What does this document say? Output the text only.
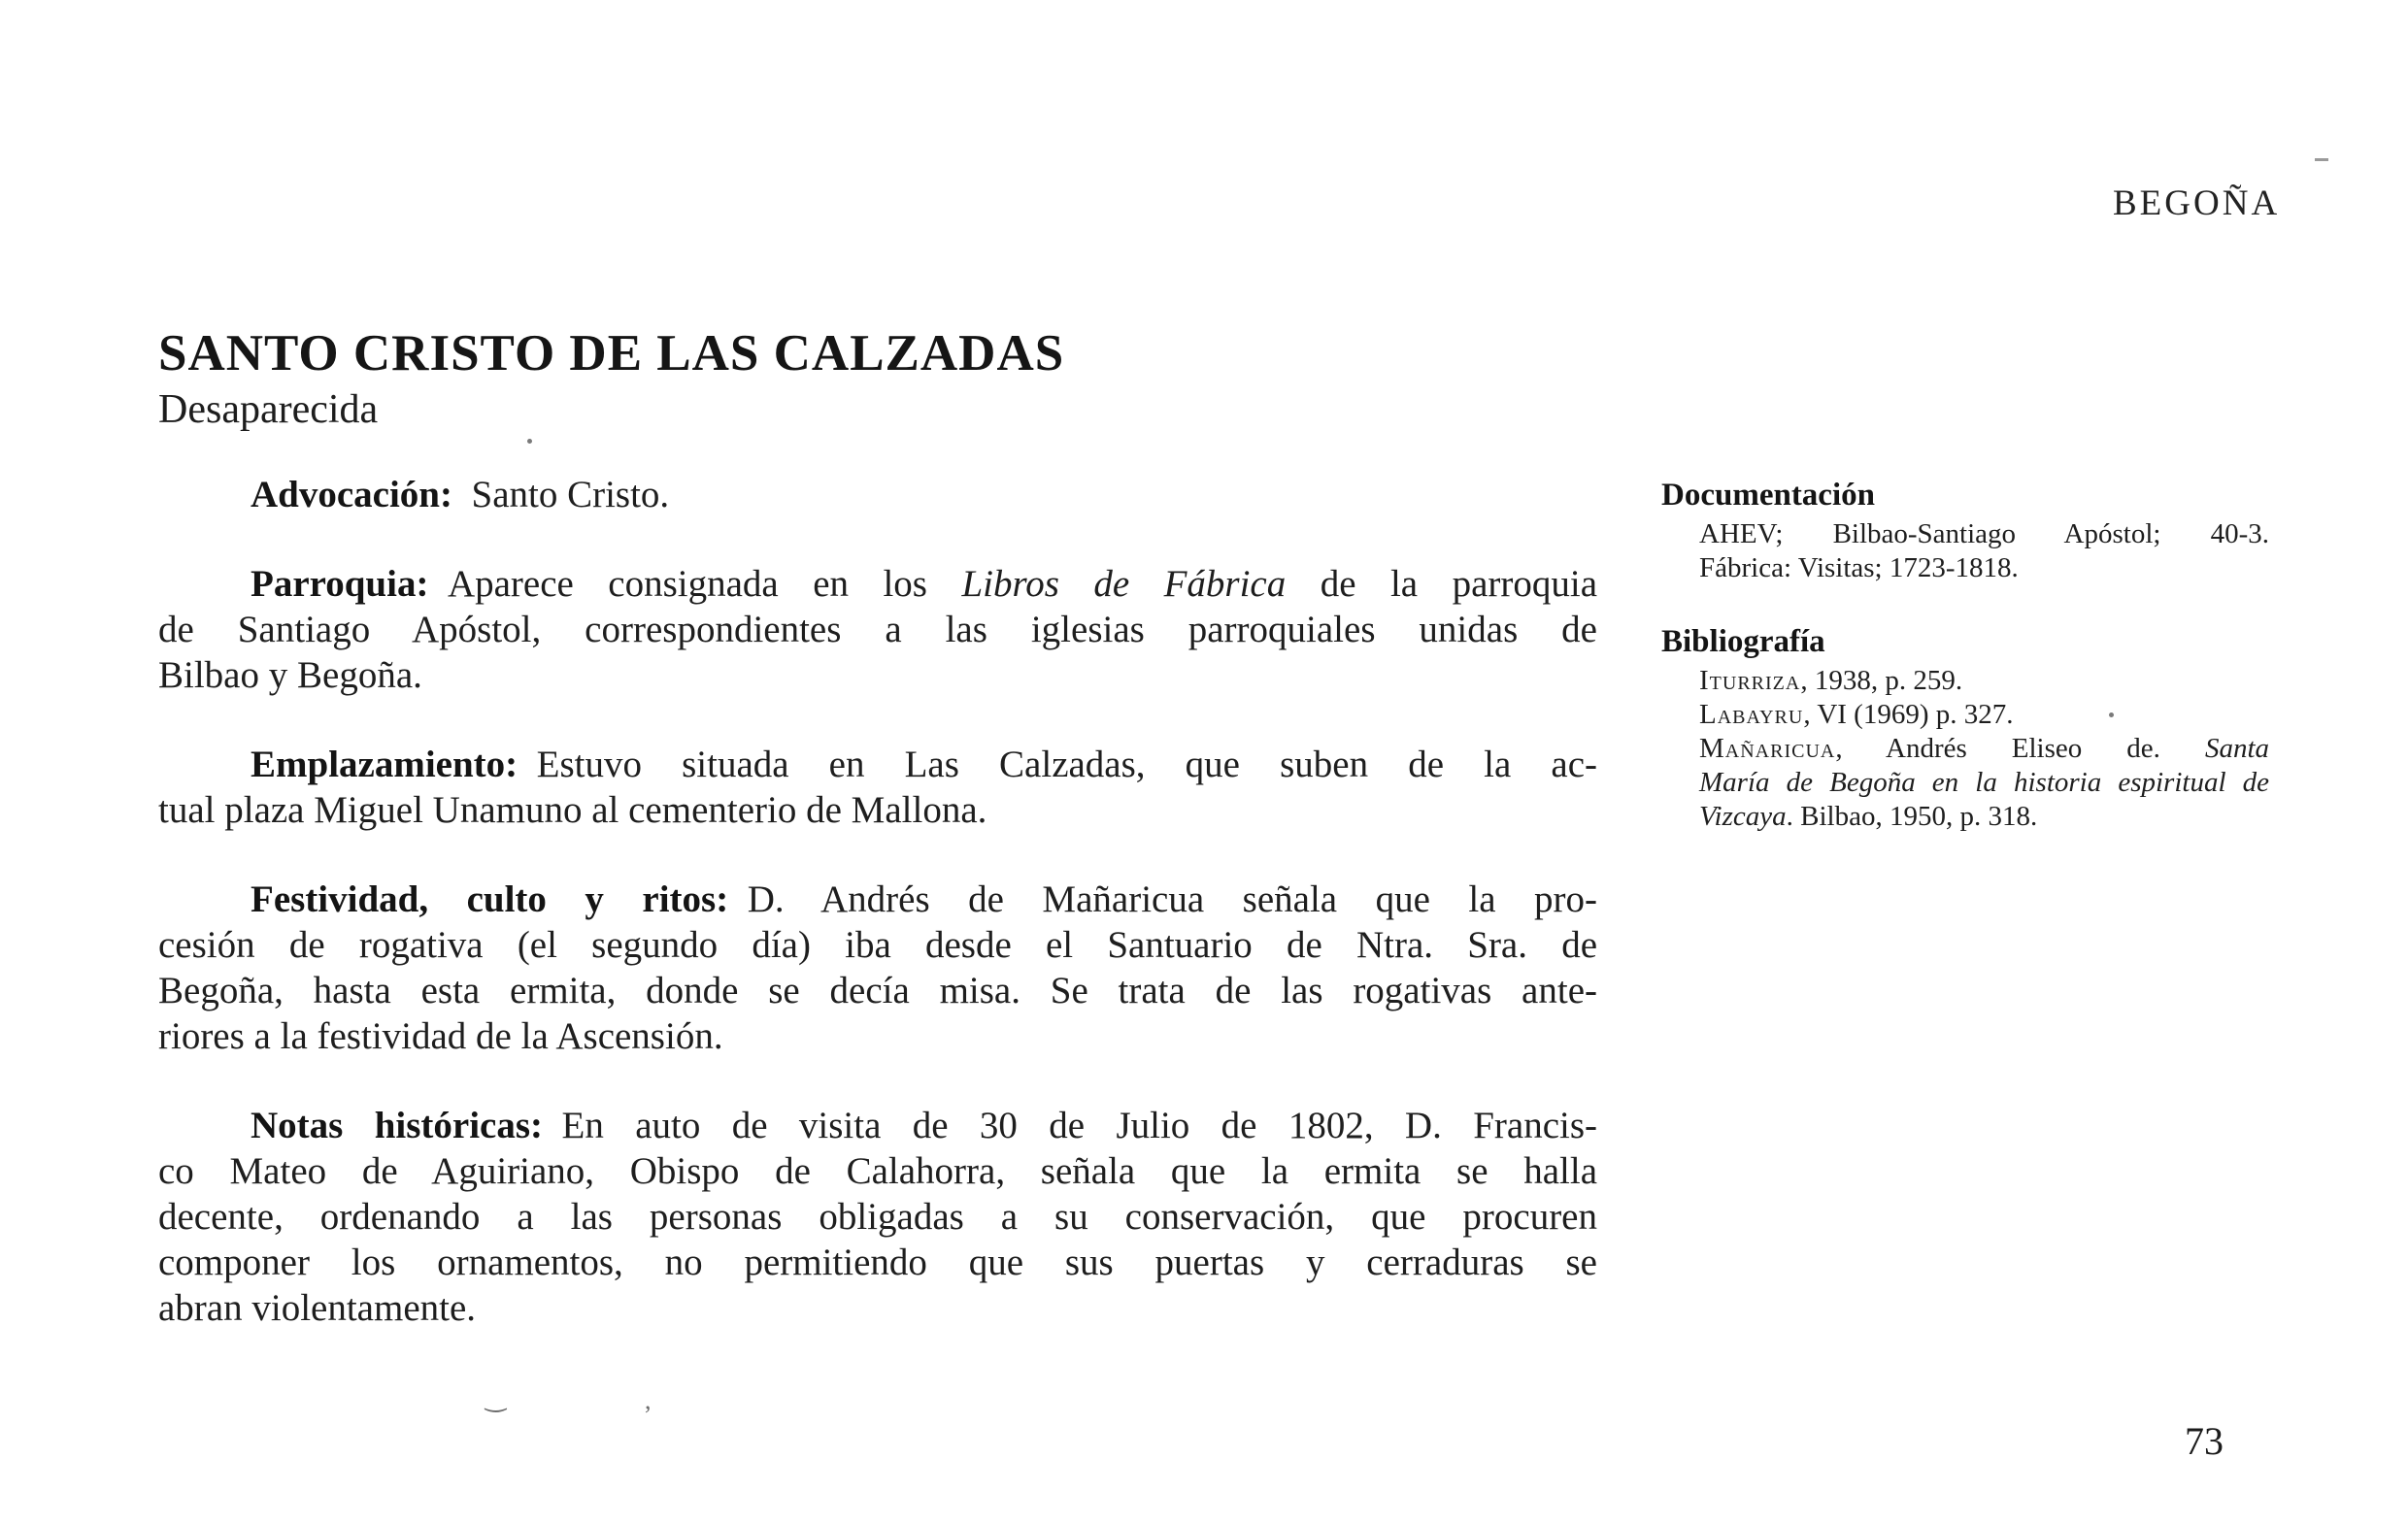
BEGOÑA
SANTO CRISTO DE LAS CALZADAS
Desaparecida
Advocación: Santo Cristo.
Parroquia: Aparece consignada en los Libros de Fábrica de la parroquia
de Santiago Apóstol, correspondientes a las iglesias parroquiales unidas de
Bilbao y Begoña.
Emplazamiento: Estuvo situada en Las Calzadas, que suben de la ac-
tual plaza Miguel Unamuno al cementerio de Mallona.
Festividad, culto y ritos: D. Andrés de Mañaricua señala que la pro-
cesión de rogativa (el segundo día) iba desde el Santuario de Ntra. Sra. de
Begoña, hasta esta ermita, donde se decía misa. Se trata de las rogativas ante-
riores a la festividad de la Ascensión.
Notas históricas: En auto de visita de 30 de Julio de 1802, D. Francis-
co Mateo de Aguiriano, Obispo de Calahorra, señala que la ermita se halla
decente, ordenando a las personas obligadas a su conservación, que procuren
componer los ornamentos, no permitiendo que sus puertas y cerraduras se
abran violentamente.
Documentación
AHEV; Bilbao-Santiago Apóstol; 40-3.
Fábrica: Visitas; 1723-1818.
Bibliografía
Iturriza, 1938, p. 259.
Labayru, VI (1969) p. 327.
Mañaricua, Andrés Eliseo de. Santa
María de Begoña en la historia espiritual de
Vizcaya. Bilbao, 1950, p. 318.
73
‿	,
